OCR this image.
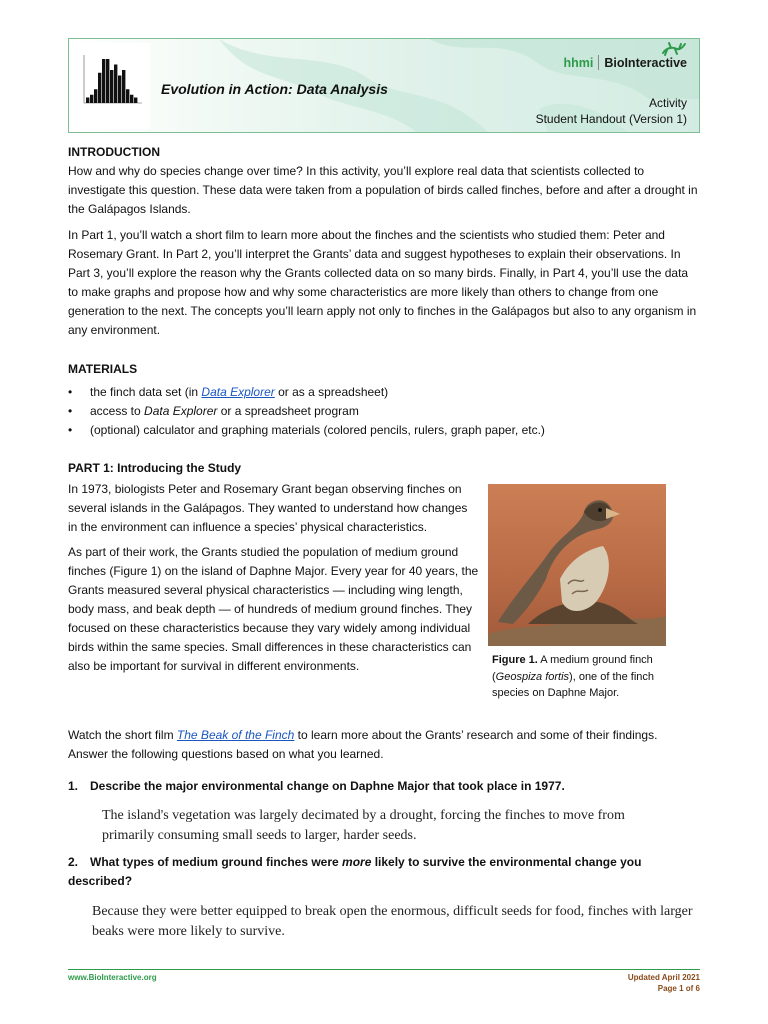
Evolution in Action: Data Analysis
hhmi BioInteractive
Activity
Student Handout (Version 1)
INTRODUCTION

How and why do species change over time? In this activity, you’ll explore real data that scientists collected to investigate this question. These data were taken from a population of birds called finches, before and after a drought in the Galápagos Islands.

In Part 1, you’ll watch a short film to learn more about the finches and the scientists who studied them: Peter and Rosemary Grant. In Part 2, you’ll interpret the Grants’ data and suggest hypotheses to explain their observations. In Part 3, you’ll explore the reason why the Grants collected data on so many birds. Finally, in Part 4, you’ll use the data to make graphs and propose how and why some characteristics are more likely than others to change from one generation to the next. The concepts you’ll learn apply not only to finches in the Galápagos but also to any organism in any environment.

MATERIALS
• the finch data set (in Data Explorer or as a spreadsheet)
• access to Data Explorer or a spreadsheet program
• (optional) calculator and graphing materials (colored pencils, rulers, graph paper, etc.)
PART 1: Introducing the Study

In 1973, biologists Peter and Rosemary Grant began observing finches on several islands in the Galápagos. They wanted to understand how changes in the environment can influence a species’ physical characteristics.

As part of their work, the Grants studied the population of medium ground finches (Figure 1) on the island of Daphne Major. Every year for 40 years, the Grants measured several physical characteristics — including wing length, body mass, and beak depth — of hundreds of medium ground finches. They focused on these characteristics because they vary widely among individual birds within the same species. Small differences in these characteristics can also be important for survival in different environments.	Figure 1. A medium ground finch (Geospiza fortis), one of the finch species on Daphne Major.

Watch the short film The Beak of the Finch to learn more about the Grants’ research and some of their findings. Answer the following questions based on what you learned.

1. Describe the major environmental change on Daphne Major that took place in 1977.
The island's vegetation was largely decimated by a drought, forcing the finches to move from primarily consuming small seeds to larger, harder seeds.
2. What types of medium ground finches were more likely to survive the environmental change you described?
Because they were better equipped to break open the enormous, difficult seeds for food, finches with larger beaks were more likely to survive.
www.BioInteractive.org	Updated April 2021
Page 1 of 6
